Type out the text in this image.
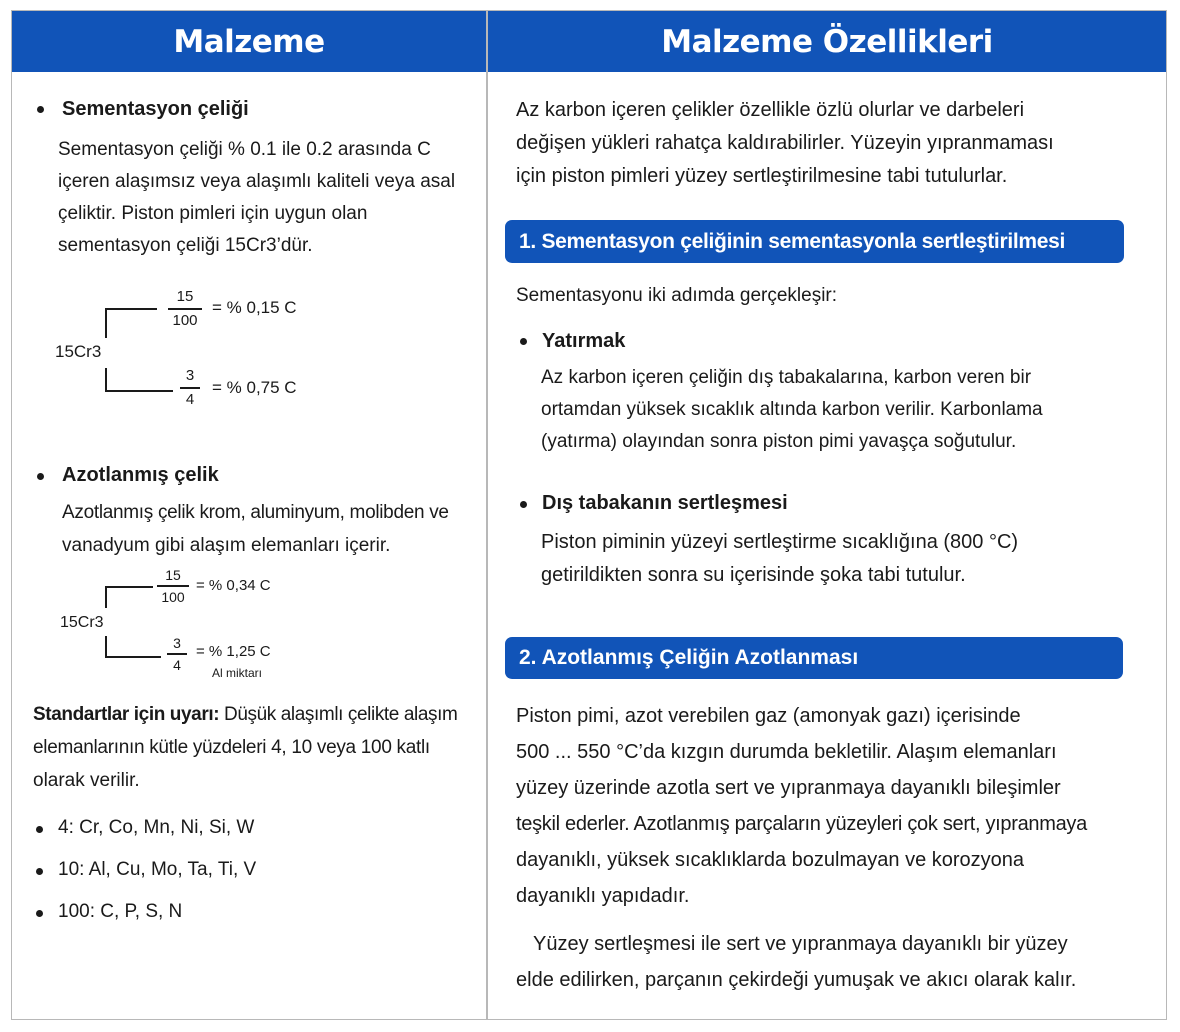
Malzeme	Malzeme Özellikleri
Sementasyon çeliği
Sementasyon çeliği % 0.1 ile 0.2 arasında C
içeren alaşımsız veya alaşımlı kaliteli veya asal
çeliktir. Piston pimleri için uygun olan
sementasyon çeliği 15Cr3’dür.
15Cr3
15
100
= % 0,15 C
3
4
= % 0,75 C
Azotlanmış çelik
Azotlanmış çelik krom, aluminyum, molibden ve
vanadyum gibi alaşım elemanları içerir.
15Cr3
15
100
= % 0,34 C
3
4
= % 1,25 C
Al miktarı
Standartlar için uyarı: Düşük alaşımlı çelikte alaşım
elemanlarının kütle yüzdeleri 4, 10 veya 100 katlı
olarak verilir.
4: Cr, Co, Mn, Ni, Si, W
10: Al, Cu, Mo, Ta, Ti, V
100: C, P, S, N
Az karbon içeren çelikler özellikle özlü olurlar ve darbeleri
değişen yükleri rahatça kaldırabilirler. Yüzeyin yıpranmaması
için piston pimleri yüzey sertleştirilmesine tabi tutulurlar.
1. Sementasyon çeliğinin sementasyonla sertleştirilmesi
Sementasyonu iki adımda gerçekleşir:
Yatırmak
Az karbon içeren çeliğin dış tabakalarına, karbon veren bir
ortamdan yüksek sıcaklık altında karbon verilir. Karbonlama
(yatırma) olayından sonra piston pimi yavaşça soğutulur.
Dış tabakanın sertleşmesi
Piston piminin yüzeyi sertleştirme sıcaklığına (800 °C)
getirildikten sonra su içerisinde şoka tabi tutulur.
2. Azotlanmış Çeliğin Azotlanması
Piston pimi, azot verebilen gaz (amonyak gazı) içerisinde
500 ... 550 °C’da kızgın durumda bekletilir. Alaşım elemanları
yüzey üzerinde azotla sert ve yıpranmaya dayanıklı bileşimler
teşkil ederler. Azotlanmış parçaların yüzeyleri çok sert, yıpranmaya
dayanıklı, yüksek sıcaklıklarda bozulmayan ve korozyona
dayanıklı yapıdadır.
Yüzey sertleşmesi ile sert ve yıpranmaya dayanıklı bir yüzey
elde edilirken, parçanın çekirdeği yumuşak ve akıcı olarak kalır.
